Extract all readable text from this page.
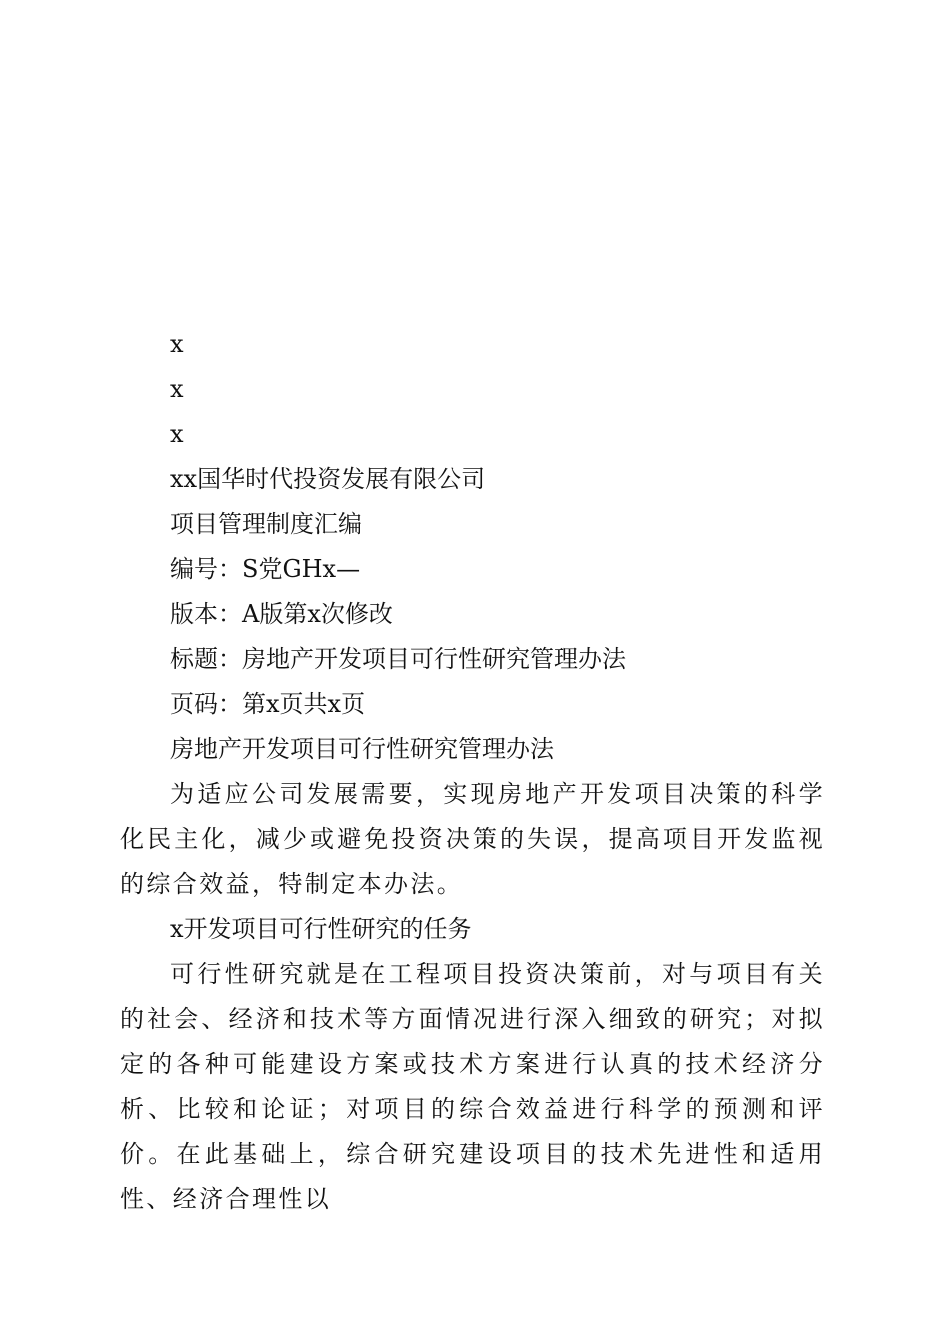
x
x
x
xx国华时代投资发展有限公司
项目管理制度汇编
编号：S党GHx—
版本：A版第x次修改
标题：房地产开发项目可行性研究管理办法
页码：第x页共x页
房地产开发项目可行性研究管理办法

为适应公司发展需要，实现房地产开发项目决策的科学化民主化，减少或避免投资决策的失误，提高项目开发监视的综合效益，特制定本办法。

x开发项目可行性研究的任务

可行性研究就是在工程项目投资决策前，对与项目有关的社会、经济和技术等方面情况进行深入细致的研究；对拟定的各种可能建设方案或技术方案进行认真的技术经济分析、比较和论证；对项目的综合效益进行科学的预测和评价。在此基础上，综合研究建设项目的技术先进性和适用性、经济合理性以
